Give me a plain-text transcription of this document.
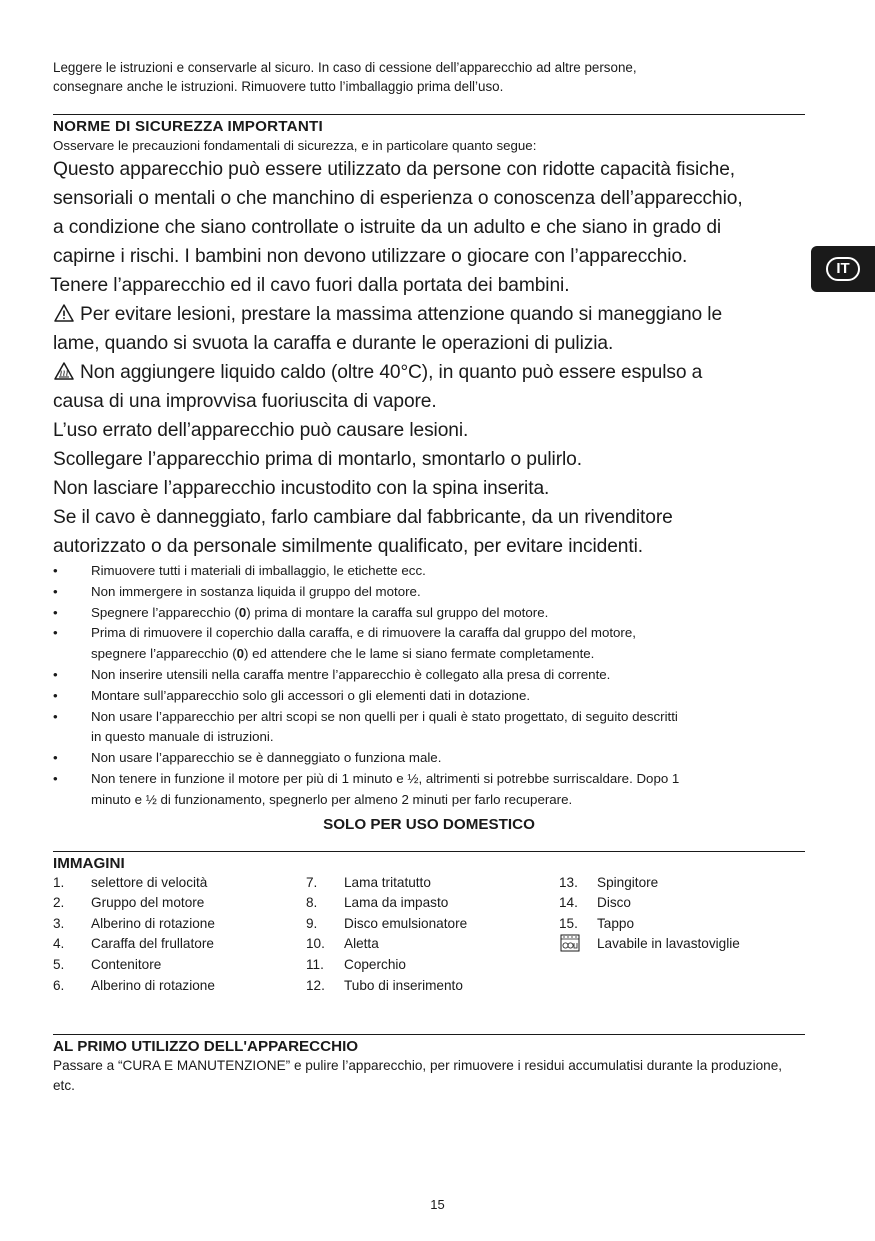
Leggere le istruzioni e conservarle al sicuro. In caso di cessione dell’apparecchio ad altre persone,
consegnare anche le istruzioni. Rimuovere tutto l’imballaggio prima dell’uso.
NORME DI SICUREZZA IMPORTANTI
Osservare le precauzioni fondamentali di sicurezza, e in particolare quanto segue:

Questo apparecchio può essere utilizzato da persone con ridotte capacità fisiche,

sensoriali o mentali o che manchino di esperienza o conoscenza dell’apparecchio,

a condizione che siano controllate o istruite da un adulto e che siano in grado di

capirne i rischi. I bambini non devono utilizzare o giocare con l’apparecchio.

Tenere l’apparecchio ed il cavo fuori dalla portata dei bambini.

Per evitare lesioni, prestare la massima attenzione quando si maneggiano le

lame, quando si svuota la caraffa e durante le operazioni di pulizia.

Non aggiungere liquido caldo (oltre 40°C), in quanto può essere espulso a

causa di una improvvisa fuoriuscita di vapore.

L’uso errato dell’apparecchio può causare lesioni.

Scollegare l’apparecchio prima di montarlo, smontarlo o pulirlo.

Non lasciare l’apparecchio incustodito con la spina inserita.

Se il cavo è danneggiato, farlo cambiare dal fabbricante, da un rivenditore

autorizzato o da personale similmente qualificato, per evitare incidenti.

•	Rimuovere tutti i materiali di imballaggio, le etichette ecc.
•	Non immergere in sostanza liquida il gruppo del motore.
•	Spegnere l’apparecchio (0) prima di montare la caraffa sul gruppo del motore.
•	Prima di rimuovere il coperchio dalla caraffa, e di rimuovere la caraffa dal gruppo del motore,
spegnere l’apparecchio (0) ed attendere che le lame si siano fermate completamente.
•	Non inserire utensili nella caraffa mentre l’apparecchio è collegato alla presa di corrente.
•	Montare sull’apparecchio solo gli accessori o gli elementi dati in dotazione.
•	Non usare l’apparecchio per altri scopi se non quelli per i quali è stato progettato, di seguito descritti
in questo manuale di istruzioni.
•	Non usare l’apparecchio se è danneggiato o funziona male.
•	Non tenere in funzione il motore per più di 1 minuto e ½, altrimenti si potrebbe surriscaldare. Dopo 1
minuto e ½ di funzionamento, spegnerlo per almeno 2 minuti per farlo recuperare.
SOLO PER USO DOMESTICO
IMMAGINI
1.	selettore di velocità
2.	Gruppo del motore
3.	Alberino di rotazione
4.	Caraffa del frullatore
5.	Contenitore
6.	Alberino di rotazione
7.	Lama tritatutto
8.	Lama da impasto
9.	Disco emulsionatore
10.	Aletta
11.	Coperchio
12.	Tubo di inserimento
13.	Spingitore
14.	Disco
15.	Tappo
Lavabile in lavastoviglie
AL PRIMO UTILIZZO DELL'APPARECCHIO
Passare a “CURA E MANUTENZIONE” e pulire l’apparecchio, per rimuovere i residui accumulatisi durante la produzione, etc.
IT
15
